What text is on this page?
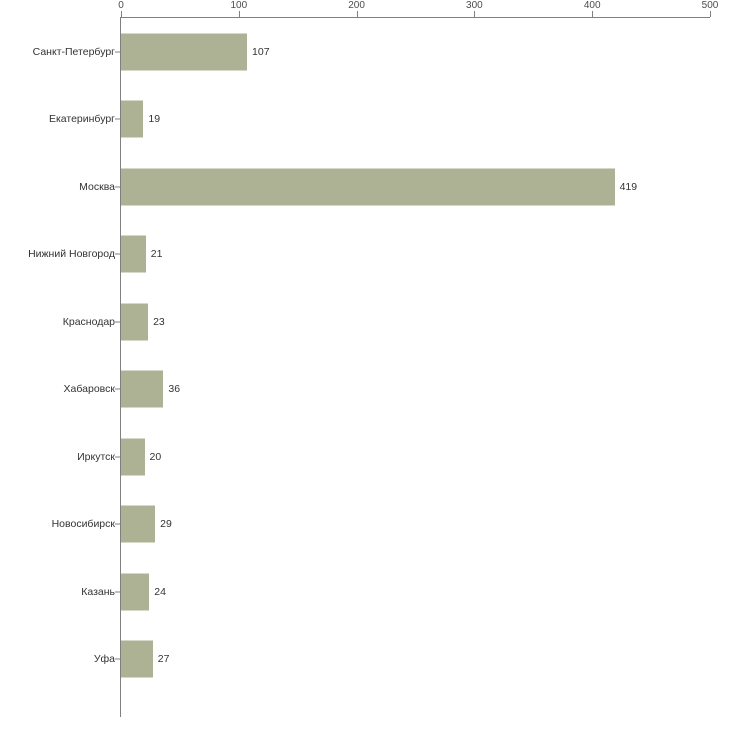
0	100	200	300	400	500
Санкт-Петербург	107
Екатеринбург	19
Москва	419
Нижний Новгород	21
Краснодар	23
Хабаровск	36
Иркутск	20
Новосибирск	29
Казань	24
Уфа	27
